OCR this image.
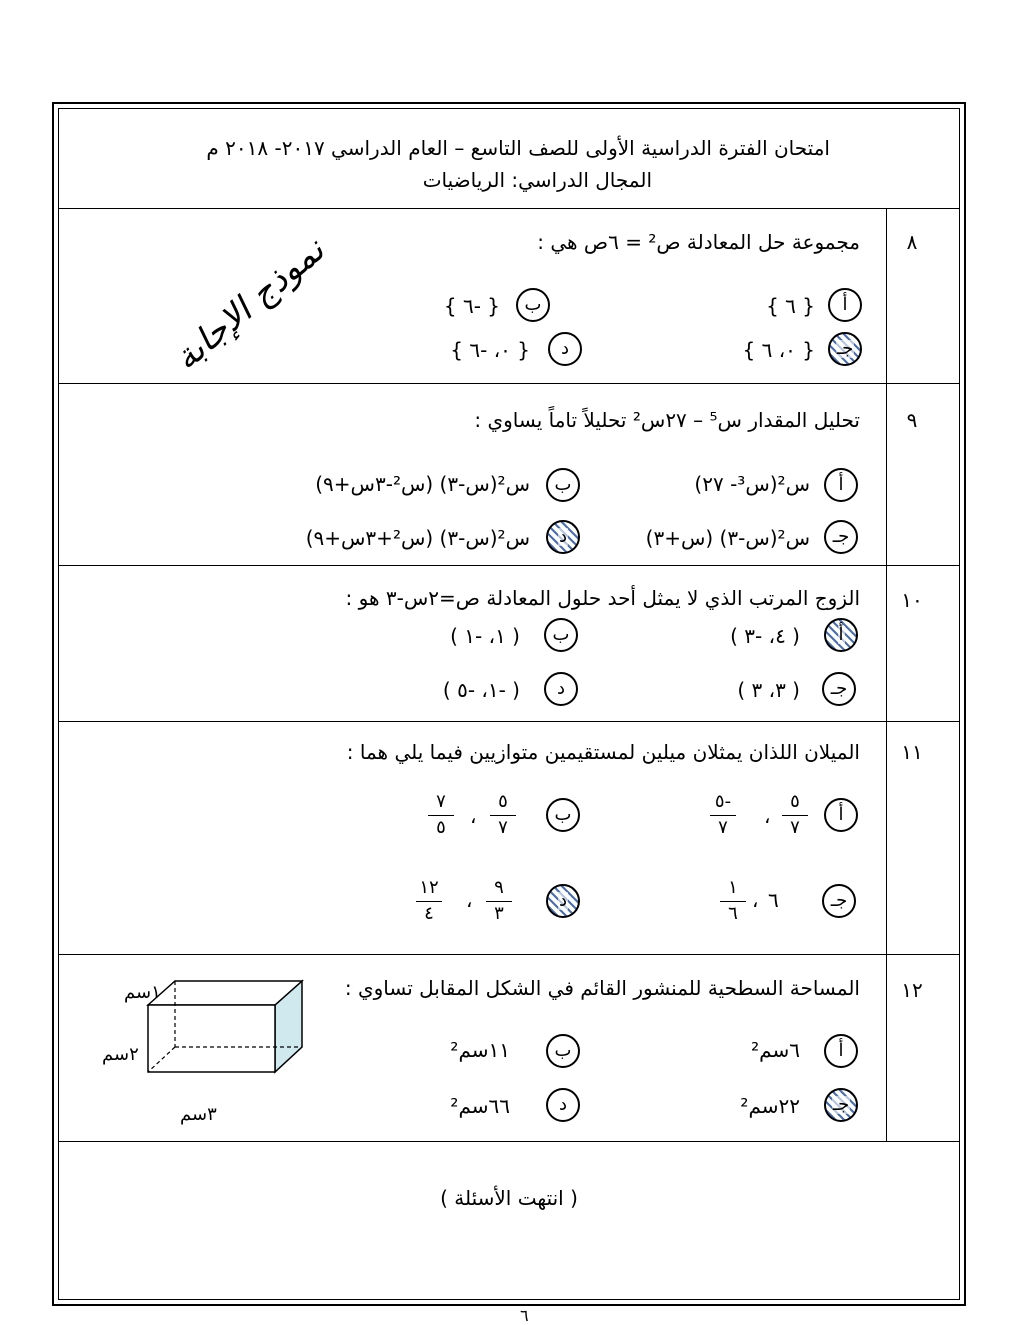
امتحان الفترة الدراسية الأولى للصف التاسع – العام الدراسي ٢٠١٧- ٢٠١٨ م
المجال الدراسي: الرياضيات
نموذج الإجابة	٨
مجموعة حل المعادلة ص² = ٦ص هي :
أ
{ ٦ }
ب
{ -٦ }
جـ
{ ٠، ٦ }
د
{ ٠، -٦ }
٩
تحليل المقدار س⁵ – ٢٧س² تحليلاً تاماً يساوي :
أ
س²(س³- ٢٧)
ب
س²(س-٣) (س²-٣س+٩)
جـ
س²(س-٣) (س+٣)
د
س²(س-٣) (س²+٣س+٩)
١٠
الزوج المرتب الذي لا يمثل أحد حلول المعادلة ص=٢س-٣ هو :
أ
( ٤، -٣ )
ب
( ١، -١ )
جـ
( ٣، ٣ )
د
( -١، -٥ )
١١
الميلان اللذان يمثلان ميلين لمستقيمين متوازيين فيما يلي هما :
أ
٥
٧
،
-٥
٧
ب
٥
٧
،
٧
٥
جـ
٦
،
١
٦
د
٩
٣
،
١٢
٤
١٢
المساحة السطحية للمنشور القائم في الشكل المقابل تساوي :
أ
٦سم²
ب
١١سم²
جـ
٢٢سم²
د
٦٦سم²
١سم
٢سم
٣سم
( انتهت الأسئلة )
٦
